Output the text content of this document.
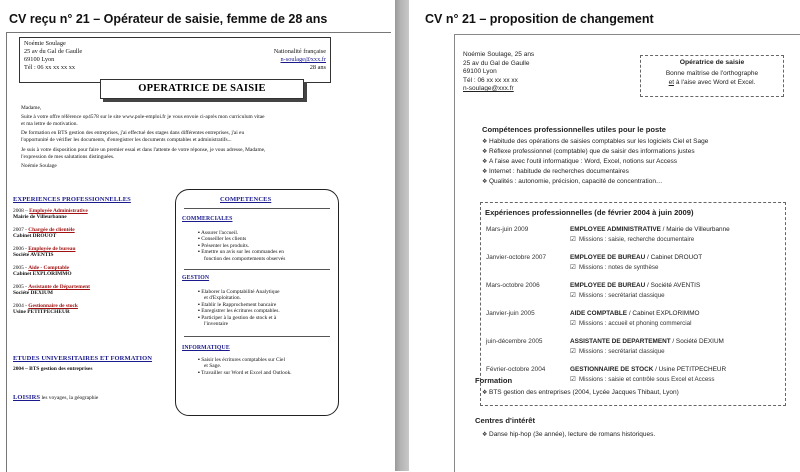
CV reçu n° 21 – Opérateur de saisie, femme de 28 ans
Noémie Soulage
25 av du Gal de Gaulle
69100 Lyon
Tél : 06 xx xx xx xx
Nationalité française
n-soulage@xxx.fr
28 ans
OPERATRICE DE SAISIE
Madame,
Suite à votre offre référence op4578 sur le site www.pole-emploi.fr je vous envoie ci-après mon curriculum vitae
et ma lettre de motivation.
De formation en BTS gestion des entreprises, j'ai effectué des stages dans différentes entreprises, j'ai eu
l'opportunité de vérifier les documents, d'enregistrer les documents comptables et administratifs...
Je suis à votre disposition pour faire un premier essai et dans l'attente de votre réponse, je vous adresse, Madame,
l'expression de mes salutations distinguées.
Noémie Soulage
EXPERIENCES PROFESSIONNELLES
2008 – Employée Administrative
Mairie de Villeurbanne
2007 - Chargée de clientèle
Cabinet DROUOT
2006 - Employée de bureau
Société AVENTIS
2005 - Aide - Comptable
Cabinet EXPLORIMMO
2005 - Assistante de Département
Société DEXIUM
2004 - Gestionnaire de stock
Usine PETITPECHEUR
ETUDES UNIVERSITAIRES ET FORMATION
2004 – BTS gestion des entreprises
LOISIRS les voyages, la géographie
COMPETENCES
COMMERCIALES
▪ Assurer l'accueil.
▪ Conseiller les clients
▪ Présenter les produits.
▪ Emettre un avis sur les commandes en
fonction des comportements observés
GESTION
▪ Elaborer la Comptabilité Analytique
et d'Exploitation.
▪ Etablir le Rapprochement bancaire
▪ Enregistrer les écritures comptables.
▪ Participer à la gestion de stock et à
l'inventaire
INFORMATIQUE
▪ Saisir les écritures comptables sur Ciel
et Sage.
▪ Travailler sur Word et Excel and Outlook.
CV n° 21 – proposition de changement
Noémie Soulage, 25 ans
25 av du Gal de Gaulle
69100 Lyon
Tél : 06 xx xx xx xx
n-soulage@xxx.fr
Opératrice de saisie
Bonne maîtrise de l'orthographe
et à l'aise avec Word et Excel.
Compétences professionnelles utiles pour le poste
❖ Habitude des opérations de saisies comptables sur les logiciels Ciel et Sage
❖ Réflexe professionnel (comptable) que de saisir des informations justes
❖ A l'aise avec l'outil informatique : Word, Excel, notions sur Access
❖ Internet : habitude de recherches documentaires
❖ Qualités : autonomie, précision, capacité de concentration…
Expériences professionnelles (de février 2004 à juin 2009)
Mars-juin 2009	EMPLOYEE ADMINISTRATIVE / Mairie de Villeurbanne
☑ Missions : saisie, recherche documentaire
Janvier-octobre 2007	EMPLOYEE DE BUREAU / Cabinet DROUOT
☑ Missions : notes de synthèse
Mars-octobre 2006	EMPLOYEE DE BUREAU / Société AVENTIS
☑ Missions : secrétariat classique
Janvier-juin 2005	AIDE COMPTABLE / Cabinet EXPLORIMMO
☑ Missions : accueil et phoning commercial
juin-décembre 2005	ASSISTANTE DE DEPARTEMENT / Société DEXIUM
☑ Missions : secrétariat classique
Février-octobre 2004	GESTIONNAIRE DE STOCK / Usine PETITPECHEUR
☑ Missions : saisie et contrôle sous Excel et Access
Formation
❖ BTS gestion des entreprises (2004, Lycée Jacques Thibaut, Lyon)
Centres d'intérêt
❖ Danse hip-hop (3e année), lecture de romans historiques.
